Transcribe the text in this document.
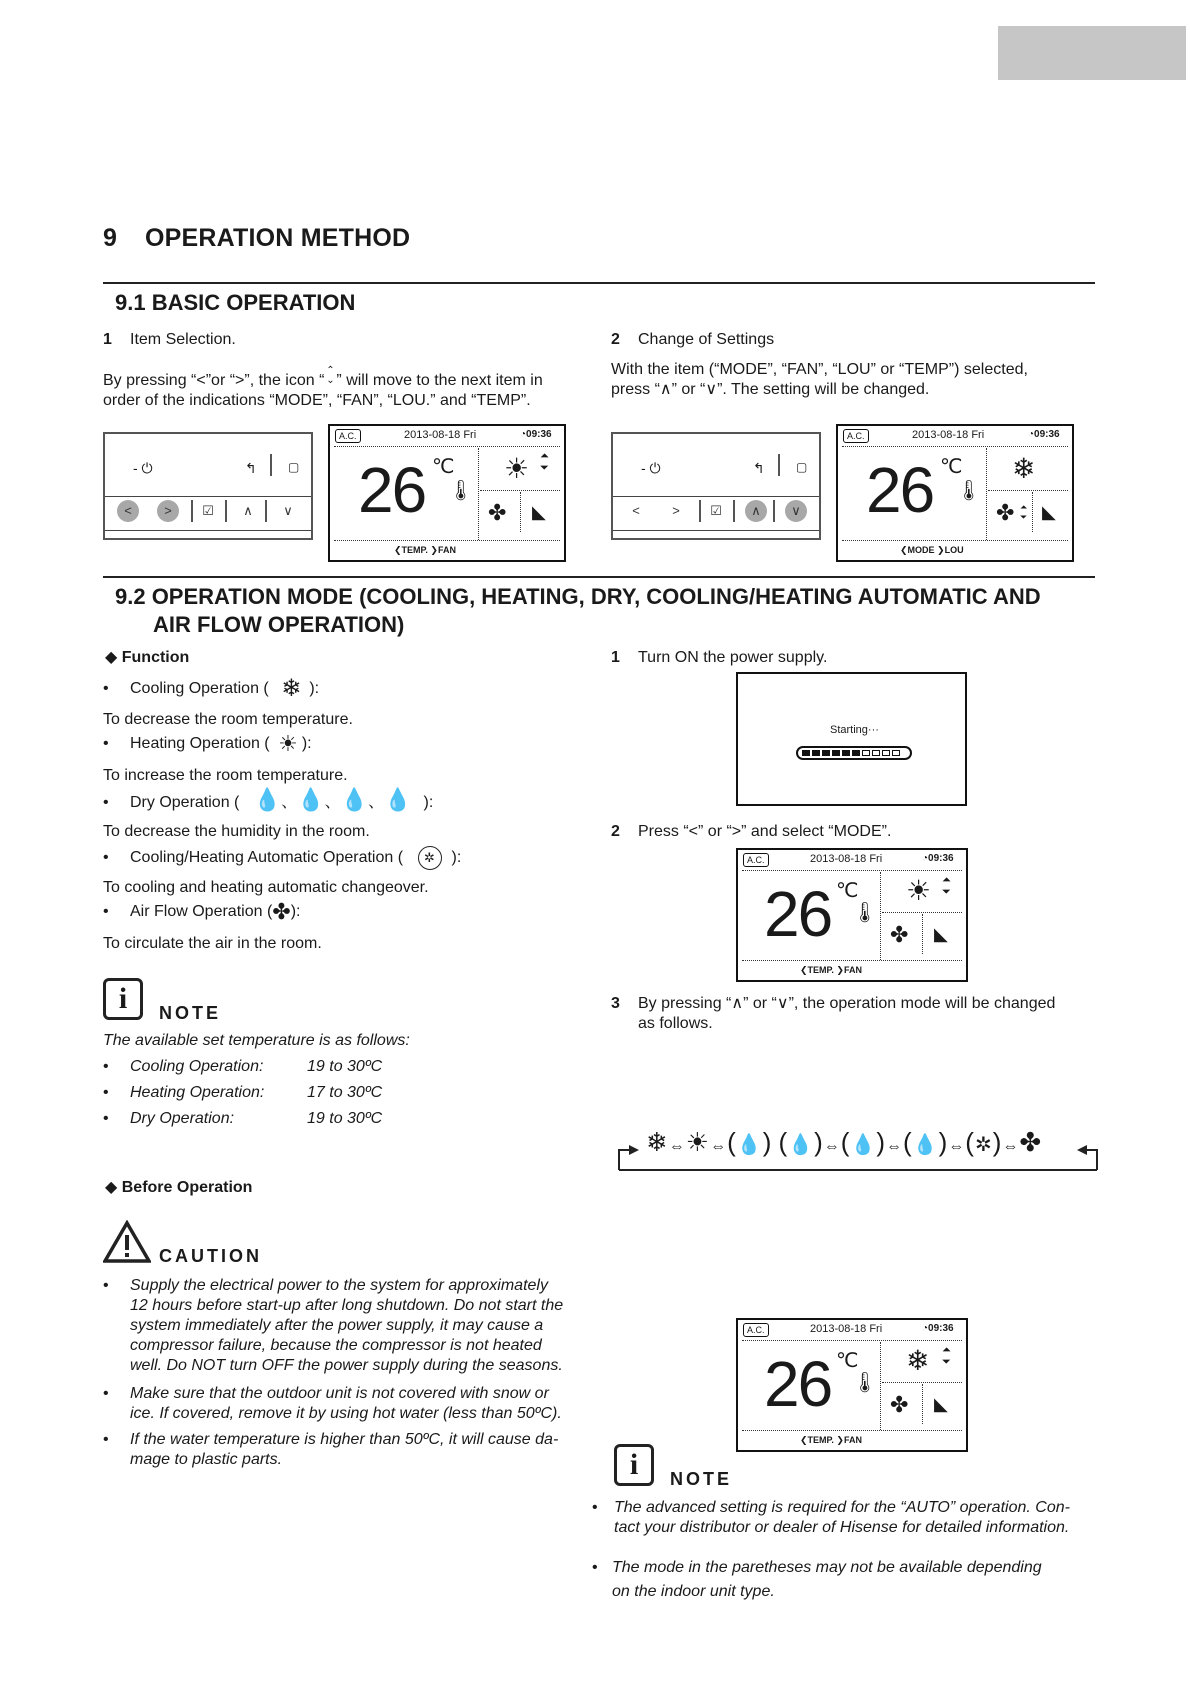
9 OPERATION METHOD
9.1 BASIC OPERATION
1 Item Selection.
By pressing “<”or “>”, the icon “⌃
⌄ ” will move to the next item in
order of the indications “MODE”, “FAN”, “LOU.” and “TEMP”.
2 Change of Settings
With the item (“MODE”, “FAN”, “LOU” or “TEMP”) selected,
press “∧” or “∨”. The setting will be changed.
- ⏻	↰	▢
<	>	☑	∧	∨
A.C.	2013-08-18 Fri	◔09:36
26 ℃
🌡
☀ ⏶
⏷
✤ ◣
❮TEMP. ❯FAN
- ⏻	↰	▢
<	>	☑	∧	∨
A.C.	2013-08-18 Fri	◔09:36
26 ℃
🌡
❄
✤ ⏶
⏷ ◣
❮MODE ❯LOU
9.2 OPERATION MODE (COOLING, HEATING, DRY, COOLING/HEATING AUTOMATIC AND
AIR FLOW OPERATION)
◆ Function
• Cooling Operation ( ❄ ):
To decrease the room temperature.
• Heating Operation ( ☀ ):
To increase the room temperature.
• Dry Operation ( 💧、💧、💧、💧 ):
To decrease the humidity in the room.
• Cooling/Heating Automatic Operation ( ✲ ):
To cooling and heating automatic changeover.
• Air Flow Operation (✤):
To circulate the air in the room.
i	NOTE
The available set temperature is as follows:
• Cooling Operation:	19 to 30ºC
• Heating Operation:	17 to 30ºC
• Dry Operation:	19 to 30ºC
◆ Before Operation
CAUTION
• Supply the electrical power to the system for approximately
12 hours before start-up after long shutdown. Do not start the
system immediately after the power supply, it may cause a
compressor failure, because the compressor is not heated
well. Do NOT turn OFF the power supply during the seasons.
• Make sure that the outdoor unit is not covered with snow or
ice. If covered, remove it by using hot water (less than 50ºC).
• If the water temperature is higher than 50ºC, it will cause da-
mage to plastic parts.
1 Turn ON the power supply.
Starting···
2 Press “<” or “>” and select “MODE”.
A.C.	2013-08-18 Fri	◔09:36
26 ℃
🌡
☀ ⏶
⏷
✤ ◣
❮TEMP. ❯FAN
3 By pressing “∧” or “∨”, the operation mode will be changed
as follows.
❄⇔☀⇔(💧) (💧)⇔(💧)⇔(💧)⇔(✲)⇔✤
A.C.	2013-08-18 Fri	◔09:36
26 ℃
🌡
❄ ⏶
⏷
✤ ◣
❮TEMP. ❯FAN
i	NOTE
• The advanced setting is required for the “AUTO” operation. Con-
tact your distributor or dealer of Hisense for detailed information.
• The mode in the paretheses may not be available depending
on the indoor unit type.
